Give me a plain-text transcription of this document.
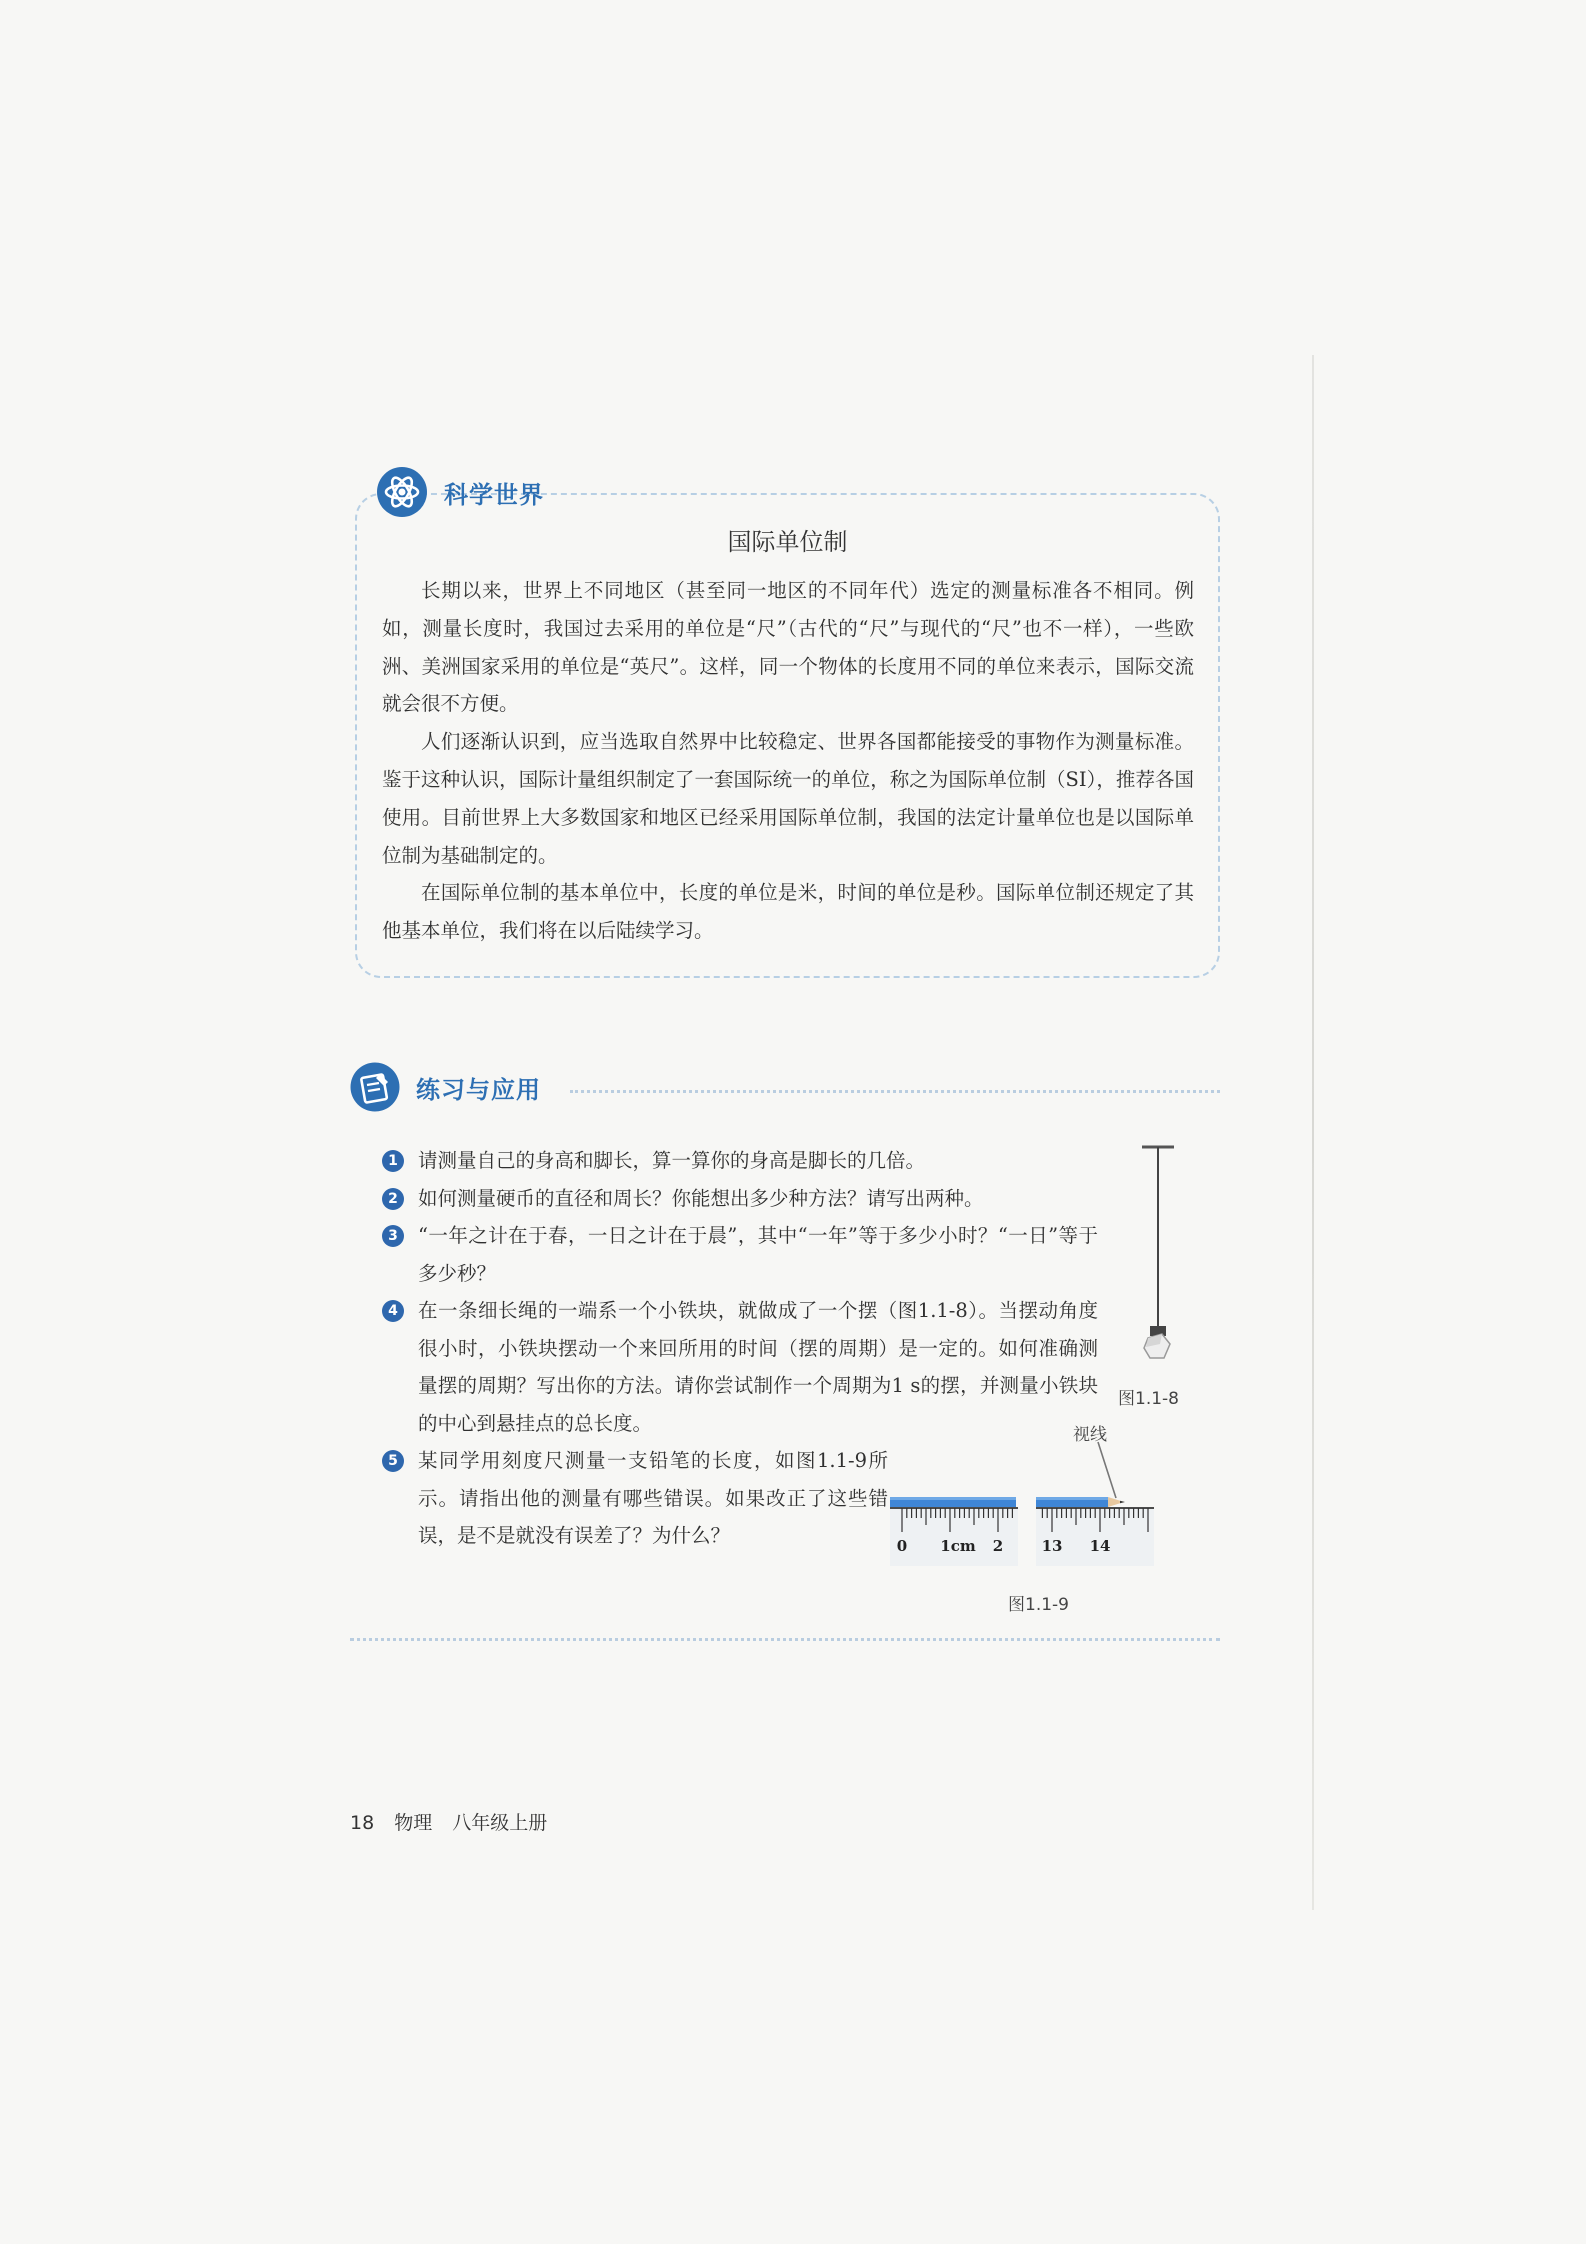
科学世界
国际单位制

长期以来，世界上不同地区（甚至同一地区的不同年代）选定的测量标准各不相同。例如，测量长度时，我国过去采用的单位是“尺”（古代的“尺”与现代的“尺”也不一样），一些欧洲、美洲国家采用的单位是“英尺”。这样，同一个物体的长度用不同的单位来表示，国际交流就会很不方便。

人们逐渐认识到，应当选取自然界中比较稳定、世界各国都能接受的事物作为测量标准。鉴于这种认识，国际计量组织制定了一套国际统一的单位，称之为国际单位制（SI），推荐各国使用。目前世界上大多数国家和地区已经采用国际单位制，我国的法定计量单位也是以国际单位制为基础制定的。

在国际单位制的基本单位中，长度的单位是米，时间的单位是秒。国际单位制还规定了其他基本单位，我们将在以后陆续学习。

练习与应用
1	请测量自己的身高和脚长，算一算你的身高是脚长的几倍。
2	如何测量硬币的直径和周长？你能想出多少种方法？请写出两种。
3	“一年之计在于春，一日之计在于晨”，其中“一年”等于多少小时？“一日”等于多少秒？
4	在一条细长绳的一端系一个小铁块，就做成了一个摆（图1.1-8）。当摆动角度很小时，小铁块摆动一个来回所用的时间（摆的周期）是一定的。如何准确测量摆的周期？写出你的方法。请你尝试制作一个周期为1 s的摆，并测量小铁块的中心到悬挂点的总长度。
5	某同学用刻度尺测量一支铅笔的长度，如图1.1-9所示。请指出他的测量有哪些错误。如果改正了这些错误，是不是就没有误差了？为什么？
图1.1-8
视线
0 1cm 2	13 14
图1.1-9
18 物理 八年级上册
